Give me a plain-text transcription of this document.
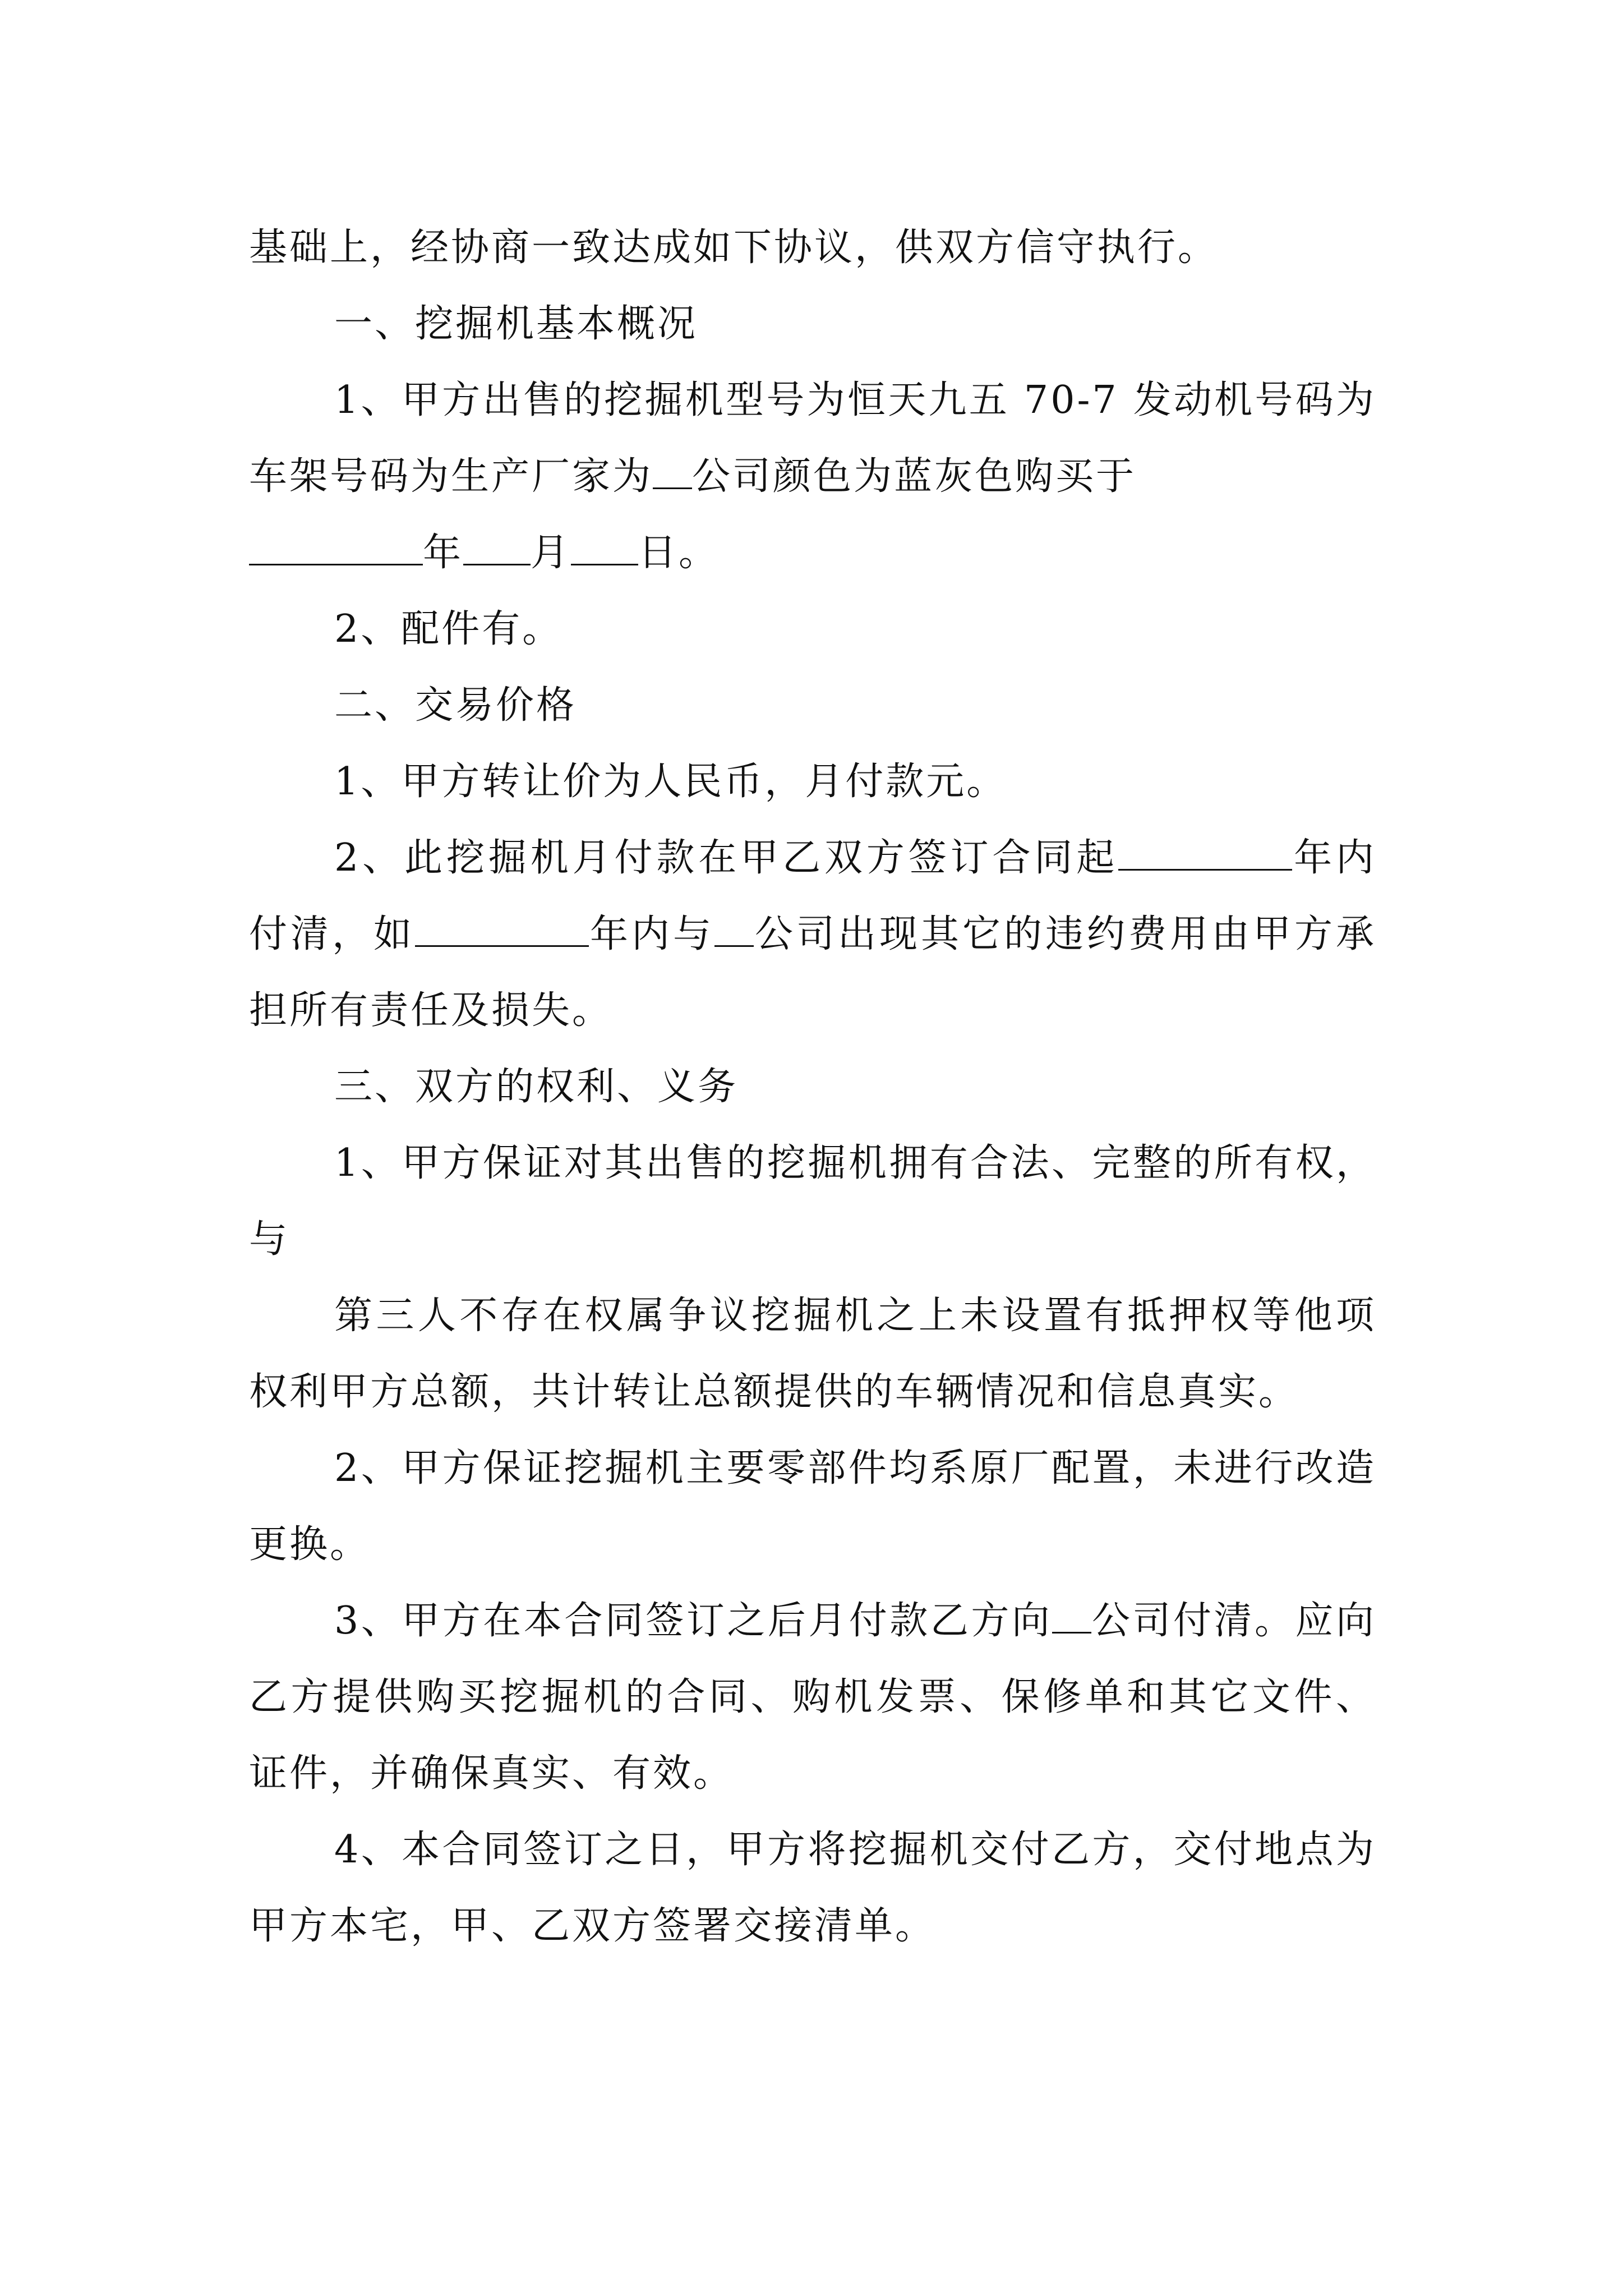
基础上，经协商一致达成如下协议，供双方信守执行。

一、挖掘机基本概况

1、甲方出售的挖掘机型号为恒天九五 70-7 发动机号码为车架号码为生产厂家为 公司颜色为蓝灰色购买于
年 月 日。

2、配件有。

二、交易价格

1、甲方转让价为人民币，月付款元。

2、此挖掘机月付款在甲乙双方签订合同起	年内付清，如	年内与 公司出现其它的违约费用由甲方承担所有责任及损失。

三、双方的权利、义务

1、甲方保证对其出售的挖掘机拥有合法、完整的所有权，与

第三人不存在权属争议挖掘机之上未设置有抵押权等他项权利甲方总额，共计转让总额提供的车辆情况和信息真实。

2、甲方保证挖掘机主要零部件均系原厂配置，未进行改造更换。

3、甲方在本合同签订之后月付款乙方向 公司付清。应向乙方提供购买挖掘机的合同、购机发票、保修单和其它文件、证件，并确保真实、有效。

4、本合同签订之日，甲方将挖掘机交付乙方，交付地点为甲方本宅，甲、乙双方签署交接清单。
